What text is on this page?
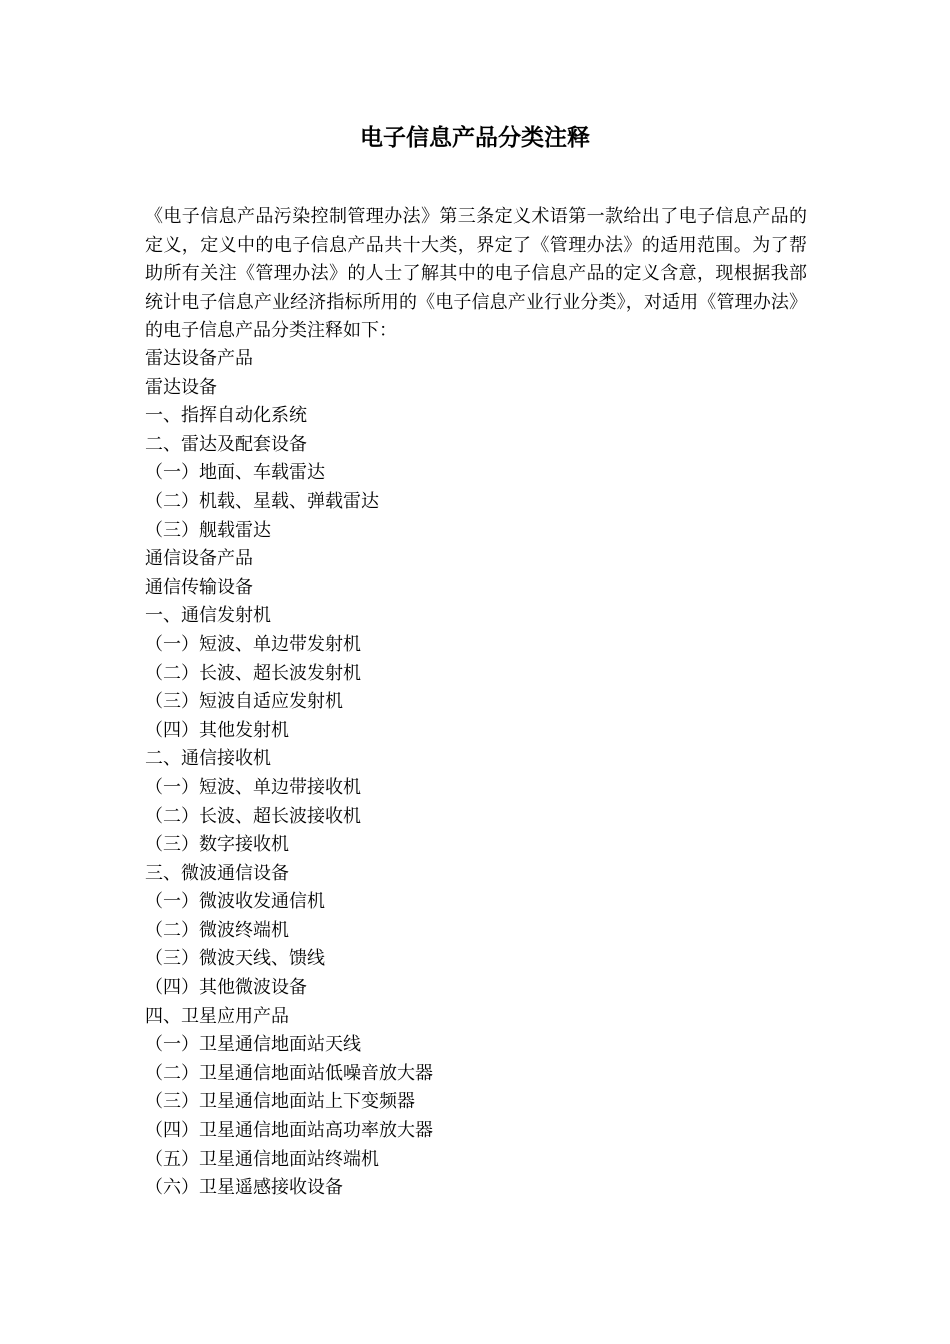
电子信息产品分类注释

《电子信息产品污染控制管理办法》第三条定义术语第一款给出了电子信息产品的定义，定义中的电子信息产品共十大类，界定了《管理办法》的适用范围。为了帮助所有关注《管理办法》的人士了解其中的电子信息产品的定义含意，现根据我部统计电子信息产业经济指标所用的《电子信息产业行业分类》，对适用《管理办法》的电子信息产品分类注释如下：

雷达设备产品
雷达设备
一、指挥自动化系统
二、雷达及配套设备
（一）地面、车载雷达
（二）机载、星载、弹载雷达
（三）舰载雷达
通信设备产品
通信传输设备
一、通信发射机
（一）短波、单边带发射机
（二）长波、超长波发射机
（三）短波自适应发射机
（四）其他发射机
二、通信接收机
（一）短波、单边带接收机
（二）长波、超长波接收机
（三）数字接收机
三、微波通信设备
（一）微波收发通信机
（二）微波终端机
（三）微波天线、馈线
（四）其他微波设备
四、卫星应用产品
（一）卫星通信地面站天线
（二）卫星通信地面站低噪音放大器
（三）卫星通信地面站上下变频器
（四）卫星通信地面站高功率放大器
（五）卫星通信地面站终端机
（六）卫星遥感接收设备
